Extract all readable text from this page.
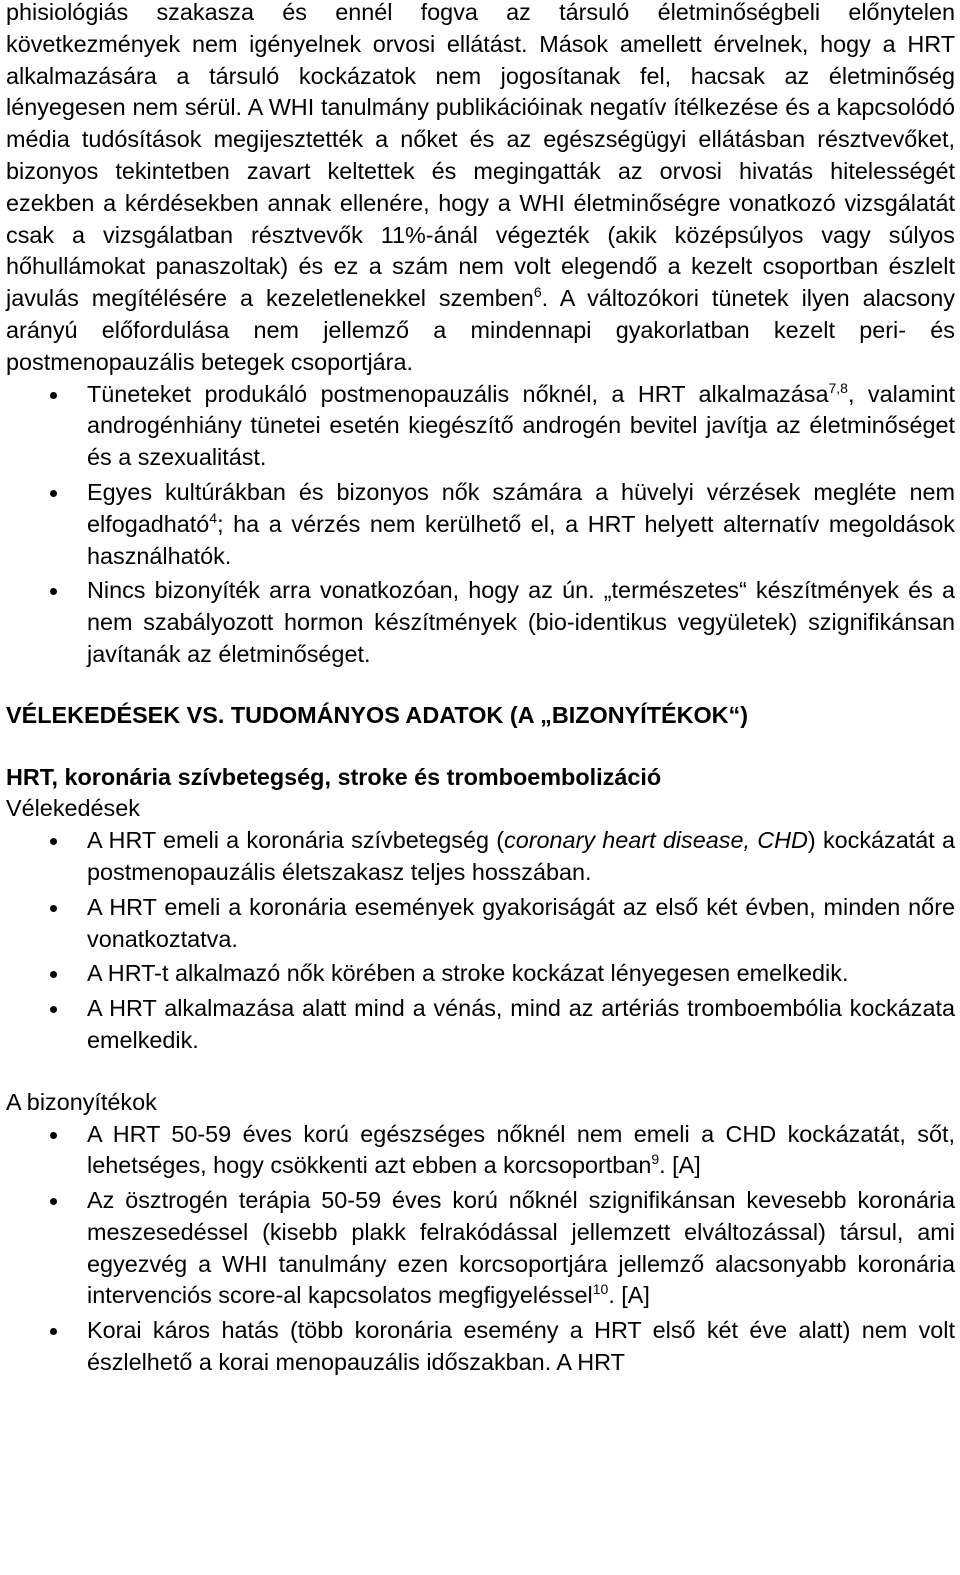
phisiológiás szakasza és ennél fogva az társuló életminőségbeli előnytelen következmények nem igényelnek orvosi ellátást. Mások amellett érvelnek, hogy a HRT alkalmazására a társuló kockázatok nem jogosítanak fel, hacsak az életminőség lényegesen nem sérül. A WHI tanulmány publikációinak negatív ítélkezése és a kapcsolódó média tudósítások megijesztették a nőket és az egészségügyi ellátásban résztvevőket, bizonyos tekintetben zavart keltettek és megingatták az orvosi hivatás hitelességét ezekben a kérdésekben annak ellenére, hogy a WHI életminőségre vonatkozó vizsgálatát csak a vizsgálatban résztvevők 11%-ánál végezték (akik középsúlyos vagy súlyos hőhullámokat panaszoltak) és ez a szám nem volt elegendő a kezelt csoportban észlelt javulás megítélésére a kezeletlenekkel szemben$^6$. A változókori tünetek ilyen alacsony arányú előfordulása nem jellemző a mindennapi gyakorlatban kezelt peri- és postmenopauzális betegek csoportjára.

Tüneteket produkáló postmenopauzális nőknél, a HRT alkalmazása$^{7,8}$, valamint androgénhiány tünetei esetén kiegészítő androgén bevitel javítja az életminőséget és a szexualitást.
Egyes kultúrákban és bizonyos nők számára a hüvelyi vérzések megléte nem elfogadható$^4$; ha a vérzés nem kerülhető el, a HRT helyett alternatív megoldások használhatók.
Nincs bizonyíték arra vonatkozóan, hogy az ún. „természetes“ készítmények és a nem szabályozott hormon készítmények (bio-identikus vegyületek) szignifikánsan javítanák az életminőséget.
VÉLEKEDÉSEK VS. TUDOMÁNYOS ADATOK (A „BIZONYÍTÉKOK“)
HRT, koronária szívbetegség, stroke és tromboembolizáció

Vélekedések

A HRT emeli a koronária szívbetegség (coronary heart disease, CHD) kockázatát a postmenopauzális életszakasz teljes hosszában.
A HRT emeli a koronária események gyakoriságát az első két évben, minden nőre vonatkoztatva.
A HRT-t alkalmazó nők körében a stroke kockázat lényegesen emelkedik.
A HRT alkalmazása alatt mind a vénás, mind az artériás tromboembólia kockázata emelkedik.

A bizonyítékok

A HRT 50-59 éves korú egészséges nőknél nem emeli a CHD kockázatát, sőt, lehetséges, hogy csökkenti azt ebben a korcsoportban$^9$. [A]
Az ösztrogén terápia 50-59 éves korú nőknél szignifikánsan kevesebb koronária meszesedéssel (kisebb plakk felrakódással jellemzett elváltozással) társul, ami egyezvég a WHI tanulmány ezen korcsoportjára jellemző alacsonyabb koronária intervenciós score-al kapcsolatos megfigyeléssel$^{10}$. [A]
Korai káros hatás (több koronária esemény a HRT első két éve alatt) nem volt észlelhető a korai menopauzális időszakban. A HRT
